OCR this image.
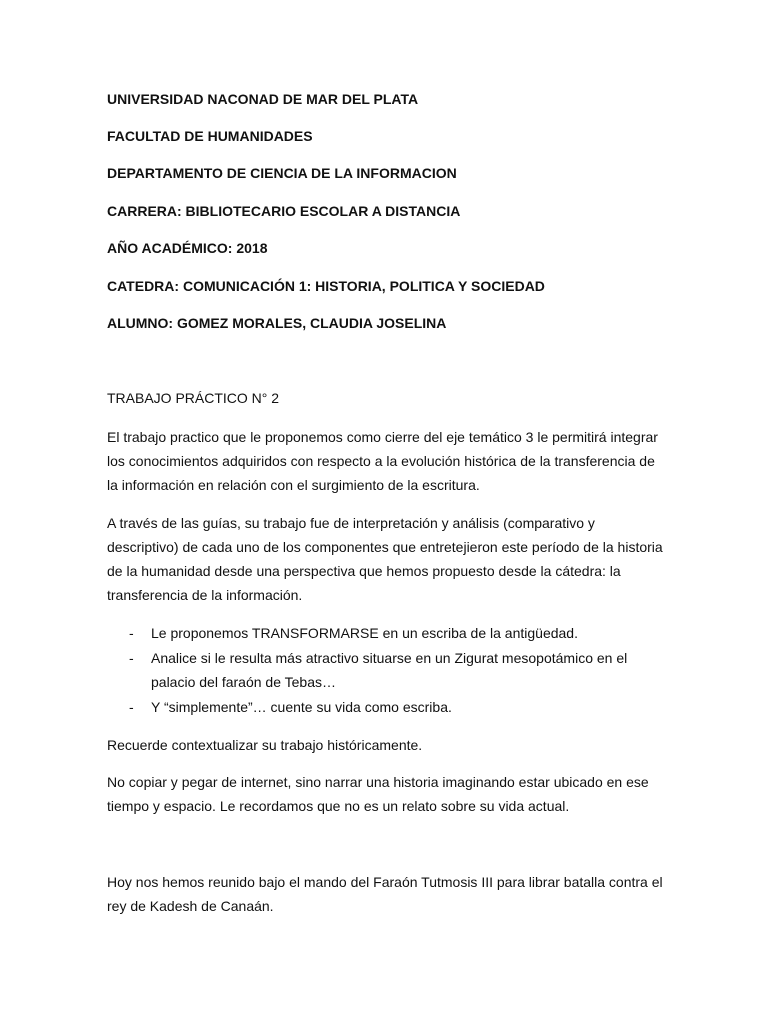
UNIVERSIDAD NACONAD DE MAR DEL PLATA
FACULTAD DE HUMANIDADES
DEPARTAMENTO DE CIENCIA DE LA INFORMACION
CARRERA: BIBLIOTECARIO ESCOLAR A DISTANCIA
AÑO ACADÉMICO: 2018
CATEDRA: COMUNICACIÓN 1: HISTORIA, POLITICA Y SOCIEDAD
ALUMNO: GOMEZ MORALES, CLAUDIA JOSELINA
TRABAJO PRÁCTICO N° 2
El trabajo practico que le proponemos como cierre del eje temático 3 le permitirá integrar
los conocimientos adquiridos con respecto a la evolución histórica de la transferencia de
la información en relación con el surgimiento de la escritura.
A través de las guías, su trabajo fue de interpretación y análisis (comparativo y
descriptivo) de cada uno de los componentes que entretejieron este período de la historia
de la humanidad desde una perspectiva que hemos propuesto desde la cátedra: la
transferencia de la información.
- Le proponemos TRANSFORMARSE en un escriba de la antigüedad.
- Analice si le resulta más atractivo situarse en un Zigurat mesopotámico en el
palacio del faraón de Tebas…
- Y “simplemente”… cuente su vida como escriba.
Recuerde contextualizar su trabajo históricamente.
No copiar y pegar de internet, sino narrar una historia imaginando estar ubicado en ese
tiempo y espacio. Le recordamos que no es un relato sobre su vida actual.
Hoy nos hemos reunido bajo el mando del Faraón Tutmosis III para librar batalla contra el
rey de Kadesh de Canaán.
